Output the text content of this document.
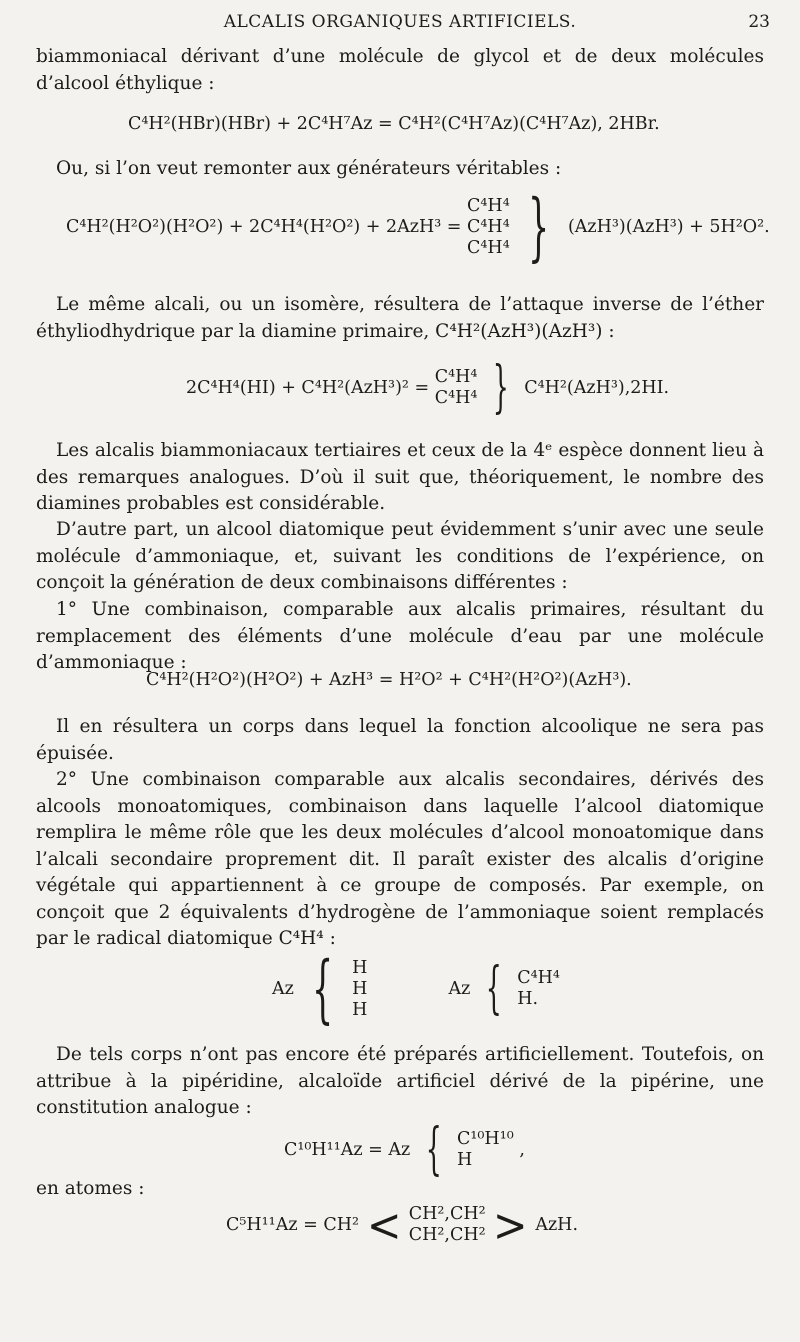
ALCALIS ORGANIQUES ARTIFICIELS.	23

biammoniacal dérivant d’une molécule de glycol et de deux molécules d’alcool éthylique :

C⁴H²(HBr)(HBr) + 2C⁴H⁷Az = C⁴H²(C⁴H⁷Az)(C⁴H⁷Az), 2HBr.

Ou, si l’on veut remonter aux générateurs véritables :

C⁴H²(H²O²)(H²O²) + 2C⁴H⁴(H²O²) + 2AzH³ =
C⁴H⁴
C⁴H⁴
C⁴H⁴ } (AzH³)(AzH³) + 5H²O².

Le même alcali, ou un isomère, résultera de l’attaque inverse de l’éther éthyliodhydrique par la diamine primaire, C⁴H²(AzH³)(AzH³) :

2C⁴H⁴(HI) + C⁴H²(AzH³)² =
C⁴H⁴
C⁴H⁴ } C⁴H²(AzH³),2HI.

Les alcalis biammoniacaux tertiaires et ceux de la 4ᵉ espèce donnent lieu à des remarques analogues. D’où il suit que, théoriquement, le nombre des diamines probables est considérable.

D’autre part, un alcool diatomique peut évidemment s’unir avec une seule molécule d’ammoniaque, et, suivant les conditions de l’expérience, on conçoit la génération de deux combinaisons différentes :

1° Une combinaison, comparable aux alcalis primaires, résultant du remplacement des éléments d’une molécule d’eau par une molécule d’ammoniaque :

C⁴H²(H²O²)(H²O²) + AzH³ = H²O² + C⁴H²(H²O²)(AzH³).

Il en résultera un corps dans lequel la fonction alcoolique ne sera pas épuisée.

2° Une combinaison comparable aux alcalis secondaires, dérivés des alcools monoatomiques, combinaison dans laquelle l’alcool diatomique remplira le même rôle que les deux molécules d’alcool monoatomique dans l’alcali secondaire proprement dit. Il paraît exister des alcalis d’origine végétale qui appartiennent à ce groupe de composés. Par exemple, on conçoit que 2 équivalents d’hydrogène de l’ammoniaque soient remplacés par le radical diatomique C⁴H⁴ :

Az { H
H
H
Az { C⁴H⁴
H.

De tels corps n’ont pas encore été préparés artificiellement. Toutefois, on attribue à la pipéridine, alcaloïde artificiel dérivé de la pipérine, une constitution analogue :

C¹⁰H¹¹Az = Az { C¹⁰H¹⁰
H	,

en atomes :

C⁵H¹¹Az = CH² < CH²,CH²
CH²,CH² > AzH.
